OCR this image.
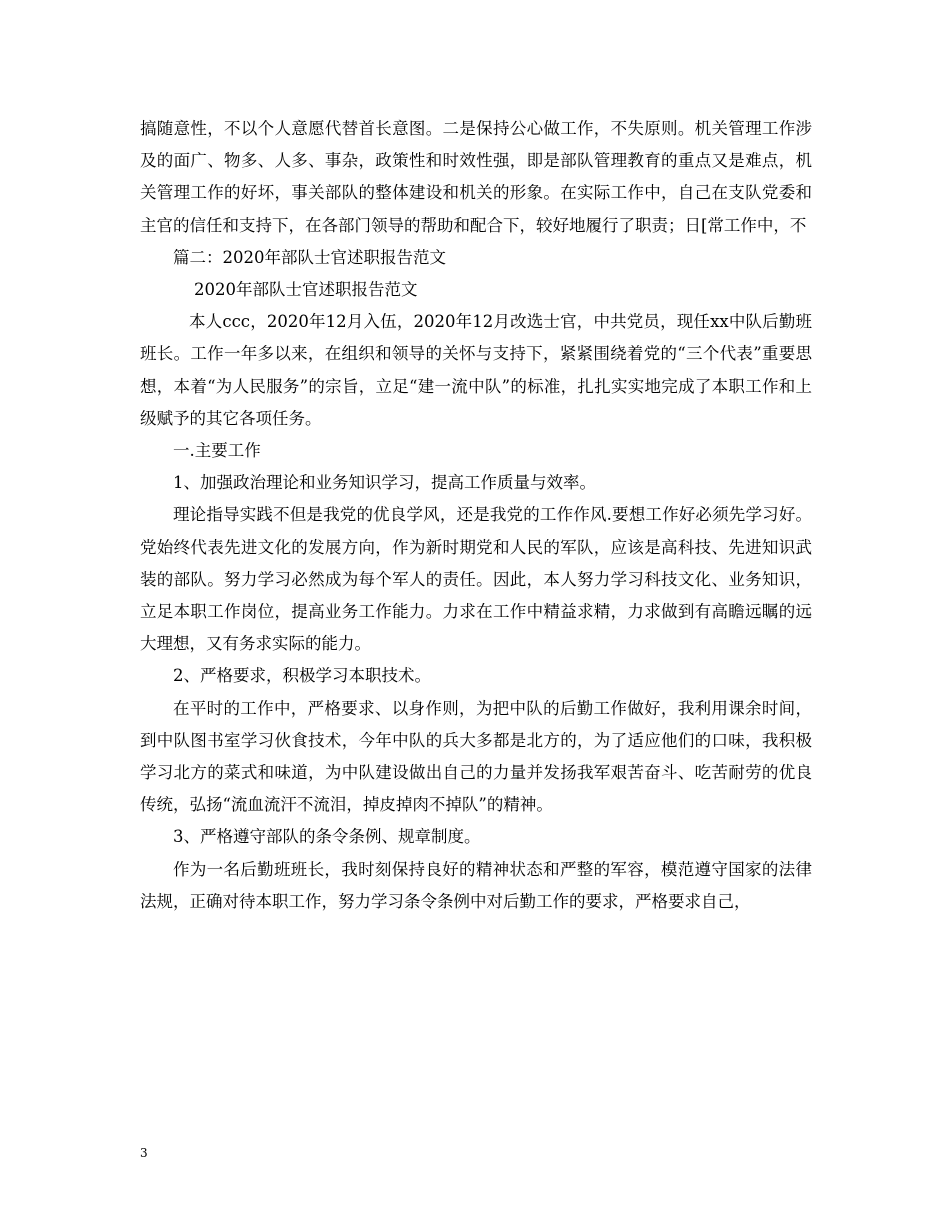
搞随意性，不以个人意愿代替首长意图。二是保持公心做工作，不失原则。机关管理工作涉及的面广、物多、人多、事杂，政策性和时效性强，即是部队管理教育的重点又是难点，机关管理工作的好坏，事关部队的整体建设和机关的形象。在实际工作中，自己在支队党委和主官的信任和支持下，在各部门领导的帮助和配合下，较好地履行了职责；日[常工作中，不

篇二：2020年部队士官述职报告范文

2020年部队士官述职报告范文

本人ccc，2020年12月入伍，2020年12月改选士官，中共党员，现任xx中队后勤班班长。工作一年多以来，在组织和领导的关怀与支持下，紧紧围绕着党的“三个代表”重要思想，本着“为人民服务”的宗旨，立足“建一流中队”的标准，扎扎实实地完成了本职工作和上级赋予的其它各项任务。

一.主要工作

1、加强政治理论和业务知识学习，提高工作质量与效率。

理论指导实践不但是我党的优良学风，还是我党的工作作风.要想工作好必须先学习好。党始终代表先进文化的发展方向，作为新时期党和人民的军队，应该是高科技、先进知识武装的部队。努力学习必然成为每个军人的责任。因此，本人努力学习科技文化、业务知识，立足本职工作岗位，提高业务工作能力。力求在工作中精益求精，力求做到有高瞻远瞩的远大理想，又有务求实际的能力。

2、严格要求，积极学习本职技术。

在平时的工作中，严格要求、以身作则，为把中队的后勤工作做好，我利用课余时间，到中队图书室学习伙食技术，今年中队的兵大多都是北方的，为了适应他们的口味，我积极学习北方的菜式和味道，为中队建设做出自己的力量并发扬我军艰苦奋斗、吃苦耐劳的优良传统，弘扬“流血流汗不流泪，掉皮掉肉不掉队”的精神。

3、严格遵守部队的条令条例、规章制度。

作为一名后勤班班长，我时刻保持良好的精神状态和严整的军容，模范遵守国家的法律法规，正确对待本职工作，努力学习条令条例中对后勤工作的要求，严格要求自己，

3
